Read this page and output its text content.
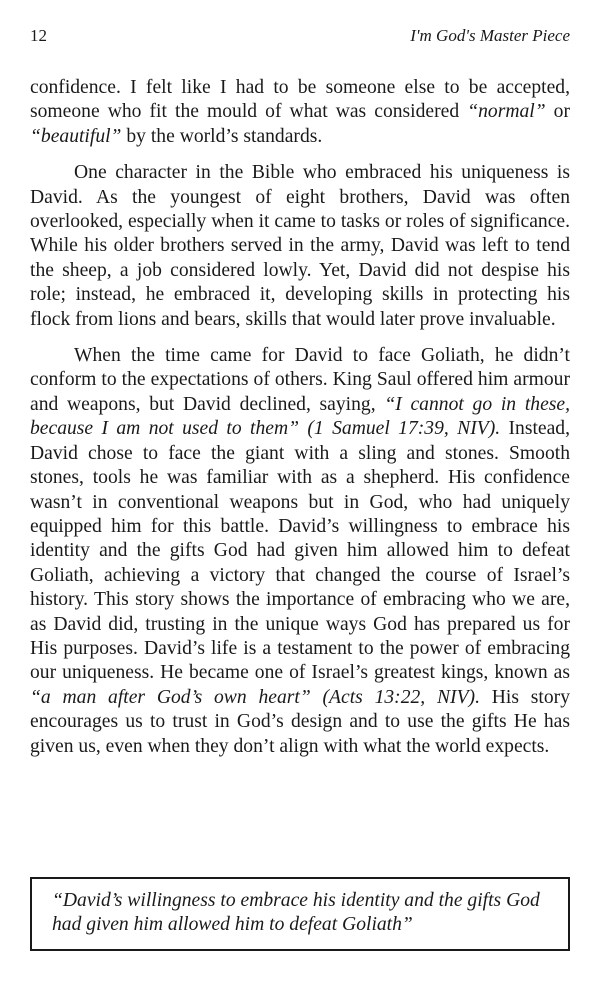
12	I'm God's Master Piece

confidence. I felt like I had to be someone else to be accepted, someone who fit the mould of what was considered “normal” or “beautiful” by the world’s standards.

One character in the Bible who embraced his uniqueness is David. As the youngest of eight brothers, David was often overlooked, especially when it came to tasks or roles of significance. While his older brothers served in the army, David was left to tend the sheep, a job considered lowly. Yet, David did not despise his role; instead, he embraced it, developing skills in protecting his flock from lions and bears, skills that would later prove invaluable.

When the time came for David to face Goliath, he didn’t conform to the expectations of others. King Saul offered him armour and weapons, but David declined, saying, “I cannot go in these, because I am not used to them” (1 Samuel 17:39, NIV). Instead, David chose to face the giant with a sling and stones. Smooth stones, tools he was familiar with as a shepherd. His confidence wasn’t in conventional weapons but in God, who had uniquely equipped him for this battle. David’s willingness to embrace his identity and the gifts God had given him allowed him to defeat Goliath, achieving a victory that changed the course of Israel’s history. This story shows the importance of embracing who we are, as David did, trusting in the unique ways God has prepared us for His purposes. David’s life is a testament to the power of embracing our uniqueness. He became one of Israel’s greatest kings, known as “a man after God’s own heart” (Acts 13:22, NIV). His story encourages us to trust in God’s design and to use the gifts He has given us, even when they don’t align with what the world expects.

“David’s willingness to embrace his identity and the gifts God had given him allowed him to defeat Goliath”
